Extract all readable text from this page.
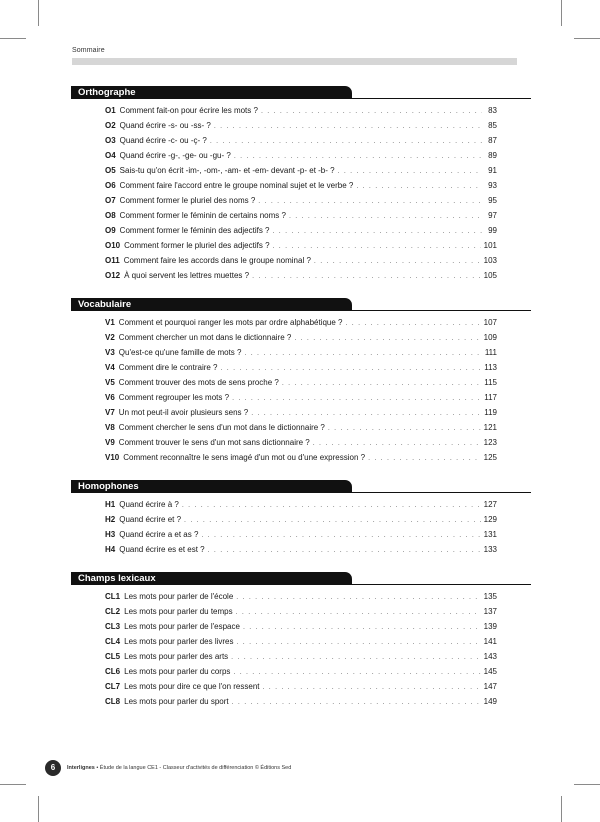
Sommaire
Orthographe
O1 Comment fait-on pour écrire les mots ? . . .	83
O2 Quand écrire -s- ou -ss- ? . . .	85
O3 Quand écrire -c- ou -ç- ? . . .	87
O4 Quand écrire -g-, -ge- ou -gu- ? . . .	89
O5 Sais-tu qu'on écrit -im-, -om-, -am- et -em- devant -p- et -b- ? . . .	91
O6 Comment faire l'accord entre le groupe nominal sujet et le verbe ? . . .	93
O7 Comment former le pluriel des noms ? . . .	95
O8 Comment former le féminin de certains noms ? . . .	97
O9 Comment former le féminin des adjectifs ? . . .	99
O10 Comment former le pluriel des adjectifs ? . . .	101
O11 Comment faire les accords dans le groupe nominal ? . . .	103
O12 À quoi servent les lettres muettes ? . . .	105
Vocabulaire
V1 Comment et pourquoi ranger les mots par ordre alphabétique ? . . .	107
V2 Comment chercher un mot dans le dictionnaire ? . . .	109
V3 Qu'est-ce qu'une famille de mots ? . . .	111
V4 Comment dire le contraire ? . . .	113
V5 Comment trouver des mots de sens proche ? . . .	115
V6 Comment regrouper les mots ? . . .	117
V7 Un mot peut-il avoir plusieurs sens ? . . .	119
V8 Comment chercher le sens d'un mot dans le dictionnaire ? . . .	121
V9 Comment trouver le sens d'un mot sans dictionnaire ? . . .	123
V10 Comment reconnaître le sens imagé d'un mot ou d'une expression ? . . .	125
Homophones
H1 Quand écrire à ? . . .	127
H2 Quand écrire et ? . . .	129
H3 Quand écrire a et as ? . . .	131
H4 Quand écrire es et est ? . . .	133
Champs lexicaux
CL1 Les mots pour parler de l'école . . .	135
CL2 Les mots pour parler du temps . . .	137
CL3 Les mots pour parler de l'espace . . .	139
CL4 Les mots pour parler des livres . . .	141
CL5 Les mots pour parler des arts . . .	143
CL6 Les mots pour parler du corps . . .	145
CL7 Les mots pour dire ce que l'on ressent . . .	147
CL8 Les mots pour parler du sport . . .	149
6	Interlignes • Étude de la langue CE1 - Classeur d'activités de différenciation © Éditions Sed
